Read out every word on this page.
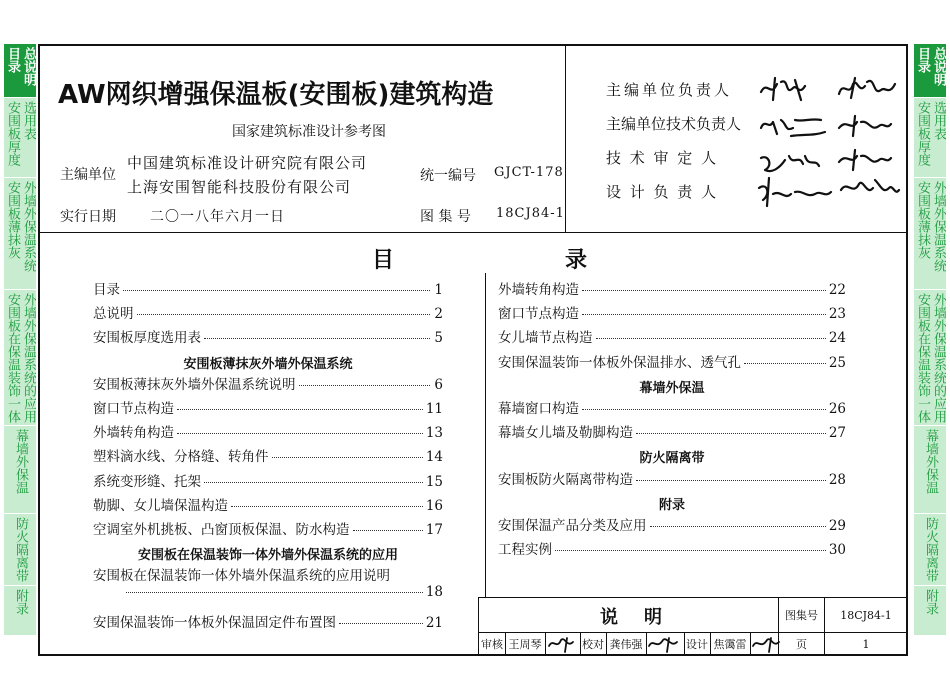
目录 总说明
安围板厚度 选用表
安围板薄抹灰 外墙外保温系统
安围板在保温装饰一体 外墙外保温系统的应用
幕墙外保温
防火隔离带
附录
目录 总说明
安围板厚度 选用表
安围板薄抹灰 外墙外保温系统
安围板在保温装饰一体 外墙外保温系统的应用
幕墙外保温
防火隔离带
附录
AW网织增强保温板(安围板)建筑构造
国家建筑标准设计参考图
主编单位
中国建筑标准设计研究院有限公司
上海安围智能科技股份有限公司
实行日期 二〇一八年六月一日
统一编号 GJCT-178
图 集 号 18CJ84-1
主编单位负责人
主编单位技术负责人
技 术 审 定 人
设 计 负 责 人
目	录
目录	1
总说明	2
安围板厚度选用表	5
安围板薄抹灰外墙外保温系统
安围板薄抹灰外墙外保温系统说明	6
窗口节点构造	11
外墙转角构造	13
塑料滴水线、分格缝、转角件	14
系统变形缝、托架	15
勒脚、女儿墙保温构造	16
空调室外机挑板、凸窗顶板保温、防水构造	17
安围板在保温装饰一体外墙外保温系统的应用
安围板在保温装饰一体外墙外保温系统的应用说明
18
安围保温装饰一体板外保温固定件布置图	21
外墙转角构造	22
窗口节点构造	23
女儿墙节点构造	24
安围保温装饰一体板外保温排水、透气孔	25
幕墙外保温
幕墙窗口构造	26
幕墙女儿墙及勒脚构造	27
防火隔离带
安围板防火隔离带构造	28
附录
安围保温产品分类及应用	29
工程实例	30
说　明	图集号	18CJ84-1
审核 王周琴	校对 龚伟强	设计 焦霭雷	页	1
